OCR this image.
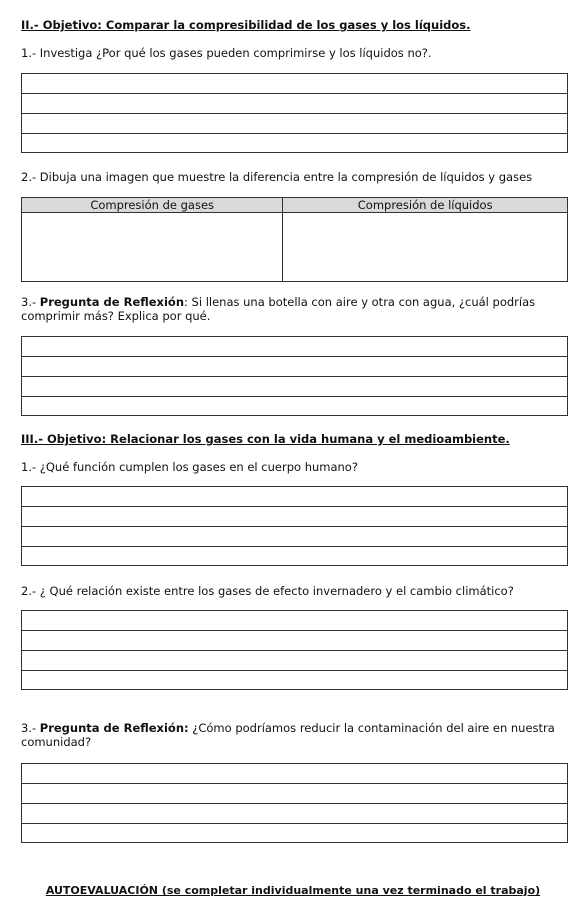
II.- Objetivo: Comparar la compresibilidad de los gases y los líquidos.
1.- Investiga ¿Por qué los gases pueden comprimirse y los líquidos no?.
2.- Dibuja una imagen que muestre la diferencia entre la compresión de líquidos y gases
Compresión de gases	Compresión de líquidos

3.- Pregunta de Reflexión: Si llenas una botella con aire y otra con agua, ¿cuál podrías comprimir más? Explica por qué.
III.- Objetivo: Relacionar los gases con la vida humana y el medioambiente.
1.- ¿Qué función cumplen los gases en el cuerpo humano?
2.- ¿ Qué relación existe entre los gases de efecto invernadero y el cambio climático?
3.- Pregunta de Reflexión: ¿Cómo podríamos reducir la contaminación del aire en nuestra comunidad?
AUTOEVALUACIÓN (se completar individualmente una vez terminado el trabajo)
